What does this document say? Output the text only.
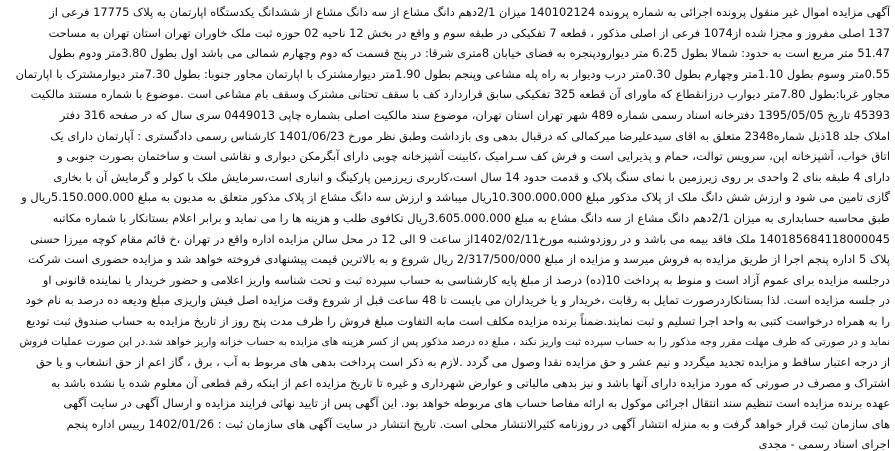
آگهی مزایده اموال غیر منقول پرونده اجرائی به شماره پرونده 140102124 میزان 2/1دهم دانگ مشاع از سه دانگ مشاع از ششدانگ یکدستگاه اپارتمان به پلاک 17775 فرعی از
137 اصلی مفروز و مجزا شده از1074 فرعی از اصلی مذکور ، قطعه 7 تفکیکی در طبقه سوم و واقع در بخش 12 ناحیه 02 حوزه ثبت ملک خاوران تهران استان تهران به مساحت
51.47 متر مربع است به حدود: شمالا بطول 6.25 متر دیوارودپنجره به فضای خیابان 8متری شرقا: در پنج قسمت که دوم وچهارم شمالی می باشد اول بطول 3.80متر ودوم بطول
0.55متر وسوم بطول 1.10متر وچهارم بطول 0.30متر درب ودیوار به راه پله مشاعی وپنجم بطول 1.90متر دیوارمشترک با اپارتمان مجاور جنوبا: بطول 7.30متر دیوارمشترک با اپارتمان
مجاور غربا:بطول 7.80متر دیوارب درزانقطاع که ماورای آن قطعه 325 تفکیکی سابق قراردارد کف با سقف تحتانی مشترک وسقف بام مشاعی است .موضوع با شماره مستند مالکیت
45393 تاریخ 1395/05/05 دفترخانه اسناد رسمی شماره 489 شهر تهران استان تهران، موضوع سند مالکیت اصلی بشماره چاپی 0449013 سری سال که در صفحه 316 دفتر
املاک جلد 18ذیل شماره2348 متعلق به اقای سیدعلیرضا میرکمالی که درقبال بدهی وی بازداشت وطبق نظر مورخ 1401/06/23 کارشناس رسمی دادگستری : آپارتمان دارای یک
اتاق خواب، آشپزخانه اپن، سرویس توالت، حمام و پذیرایی است و فرش کف سـرامیک ،کابینت آشپزخانه چوبی دارای آبگرمکن دیواری و نقاشی است و ساختمان بصورت جنوبی و
دارای 4 طبقه بنای 2 واحدی بر روی زیرزمین با نمای سنگ پلاک و قدمت حدود 14 سال است،کاربری زیرزمین پارکینگ و انباری است،سرمایش ملک با کولر و گرمایش آن با بخاری
گازی تامین می شود و ارزش شش دانگ ملک از پلاک مذکور مبلغ 10.300.000.000ریال میباشد و ارزش سه دانگ مشاع از پلاک مذکور متعلق به مدیون به مبلغ 5.150.000.000ریال و
طبق محاسبه حسابداری به میزان 2/1دهم دانگ مشاع از سه دانگ مشاع به مبلغ 3.605.000.000ریال تکافوی طلب و هزینه ها را می نماید و برابر اعلام بستانکار با شماره مکاتبه
140185684118000045 ملک فاقد بیمه می باشد و در روزدوشنبه مورخ1402/02/11از ساعت 9 الی 12 در محل سالن مزایده اداره واقع در تهران ،خ قائم مقام کوچه میرزا حسنی
پلاک 5 اداره پنجم اجرا از طریق مزایده به فروش میرسد و مزایده از مبلغ 2/317/500/000 ریال شروع و به بالاترین قیمت پیشنهادی فروخته خواهد شد و مزایده حضوری است شرکت
درجلسه مزایده برای عموم آزاد است و منوط به پرداخت 10(ده) درصد از مبلغ پایه کارشناسی به حساب سپرده ثبت و تحت شناسه واریز اعلامی و حضور خریدار یا نماینده قانونی او
در جلسه مزایده است. لذا بستانکاردرصورت تمایل به رقابت ،خریدار و یا خریداران می بایست تا 48 ساعت قبل از شروع وقت مزایده اصل فیش واریزی مبلغ ودیعه ده درصد به نام خود
را به همراه درخواست کتبی به واحد اجرا تسلیم و ثبت نمایند.ضمناً برنده مزایده مکلف است مابه التفاوت مبلغ فروش را ظرف مدت پنج روز از تاریخ مزایده به حساب صندوق ثبت تودیع
نماید و در صورتی که ظرف مهلت مقرر وجه مذکور را به حساب سپرده ثبت واریز نکند ، مبلغ ده درصد مذکور پس از کسر هزینه های مزایده به حساب خزانه واریز خواهد شد.در این صورت عملیات فروش
از درجه اعتبار ساقط و مزایده تجدید میگردد و نیم عشر و حق مزایده نقدا وصول می گردد .لازم به ذکر است پرداخت بدهی های مربوط به آب ، برق ، گاز اعم از حق انشعاب و یا حق
اشتراک و مصرف در صورتی که مورد مزایده دارای آنها باشد و نیز بدهی مالیاتی و عوارض شهرداری و غیره تا تاریخ مزایده اعم از اینکه رقم قطعی آن معلوم شده یا نشده باشد به
عهده برنده مزایده است تنظیم سند انتقال اجرائی موکول به ارائه مفاصا حساب های مربوطه خواهد بود. این آگهی پس از تایید نهائی فرایند مزایده و ارسال آگهی در سایت آگهی
های سازمان ثبت قرار خواهد گرفت و به منزله انتشار آگهی در روزنامه کثیرالانتشار محلی است. تاریخ انتشار در سایت آگهی های سازمان ثبت : 1402/01/26 رییس اداره پنجم
اجرای اسناد رسمی - مجدی
